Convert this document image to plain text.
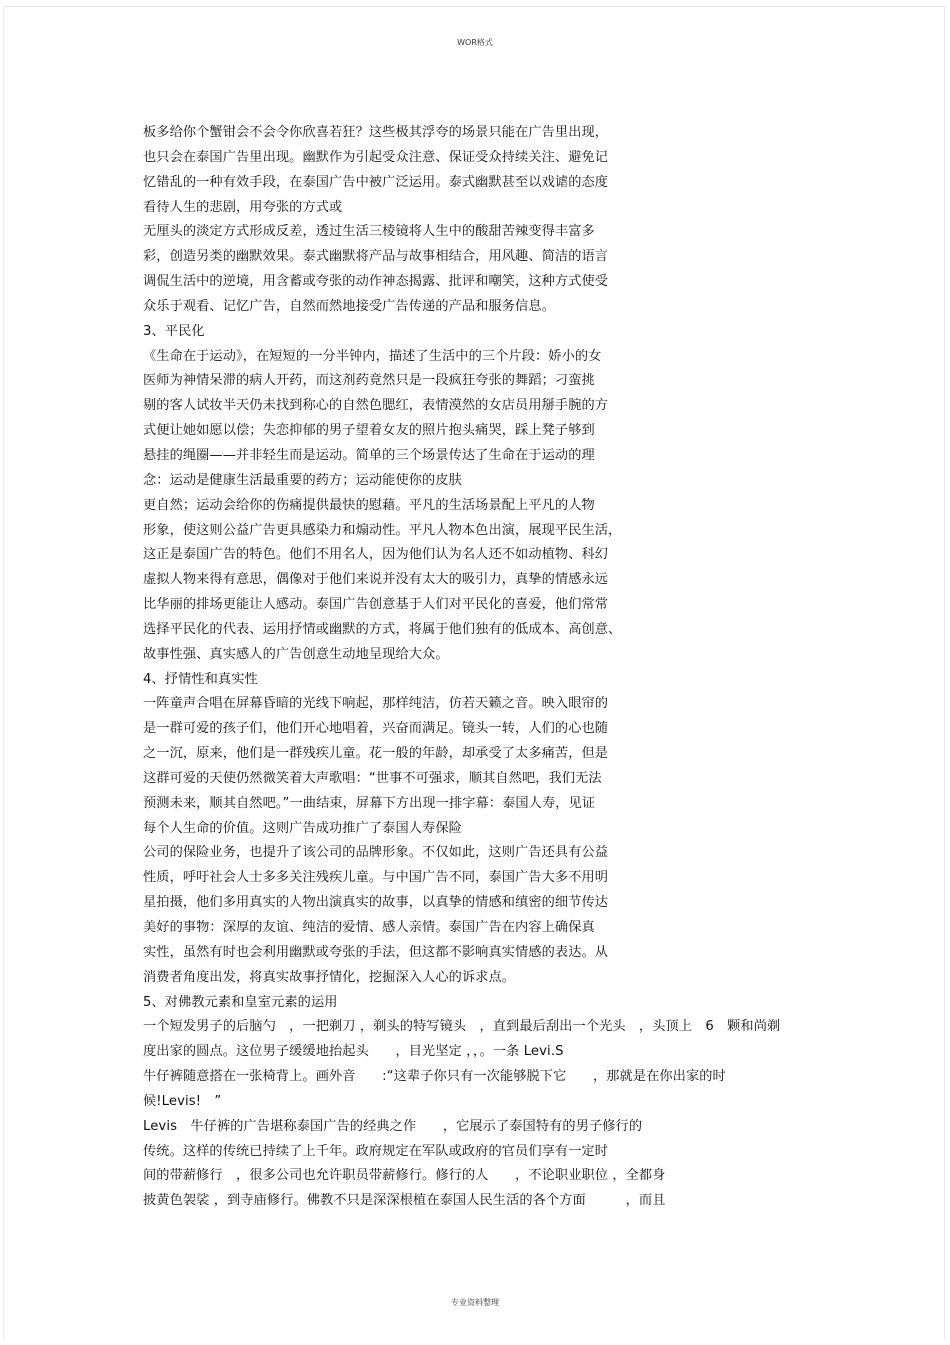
WOR格式
板多给你个蟹钳会不会令你欣喜若狂？这些极其浮夸的场景只能在广告里出现，
也只会在泰国广告里出现。幽默作为引起受众注意、保证受众持续关注、避免记
忆错乱的一种有效手段，在泰国广告中被广泛运用。泰式幽默甚至以戏谑的态度
看待人生的悲剧，用夸张的方式或
无厘头的淡定方式形成反差，透过生活三棱镜将人生中的酸甜苦辣变得丰富多
彩，创造另类的幽默效果。泰式幽默将产品与故事相结合，用风趣、简洁的语言
调侃生活中的逆境，用含蓄或夸张的动作神态揭露、批评和嘲笑，这种方式使受
众乐于观看、记忆广告，自然而然地接受广告传递的产品和服务信息。
3、平民化
《生命在于运动》，在短短的一分半钟内，描述了生活中的三个片段：娇小的女
医师为神情呆滞的病人开药，而这剂药竟然只是一段疯狂夸张的舞蹈；刁蛮挑
剔的客人试妆半天仍未找到称心的自然色腮红，表情漠然的女店员用掰手腕的方
式便让她如愿以偿；失恋抑郁的男子望着女友的照片抱头痛哭，踩上凳子够到
悬挂的绳圈——并非轻生而是运动。简单的三个场景传达了生命在于运动的理
念：运动是健康生活最重要的药方；运动能使你的皮肤
更自然；运动会给你的伤痛提供最快的慰藉。平凡的生活场景配上平凡的人物
形象，使这则公益广告更具感染力和煽动性。平凡人物本色出演，展现平民生活，
这正是泰国广告的特色。他们不用名人，因为他们认为名人还不如动植物、科幻
虚拟人物来得有意思，偶像对于他们来说并没有太大的吸引力，真挚的情感永远
比华丽的排场更能让人感动。泰国广告创意基于人们对平民化的喜爱，他们常常
选择平民化的代表、运用抒情或幽默的方式，将属于他们独有的低成本、高创意、
故事性强、真实感人的广告创意生动地呈现给大众。
4、抒情性和真实性
一阵童声合唱在屏幕昏暗的光线下响起，那样纯洁，仿若天籁之音。映入眼帘的
是一群可爱的孩子们，他们开心地唱着，兴奋而满足。镜头一转，人们的心也随
之一沉，原来，他们是一群残疾儿童。花一般的年龄，却承受了太多痛苦，但是
这群可爱的天使仍然微笑着大声歌唱：“世事不可强求，顺其自然吧，我们无法
预测未来，顺其自然吧。”一曲结束，屏幕下方出现一排字幕：泰国人寿，见证
每个人生命的价值。这则广告成功推广了泰国人寿保险
公司的保险业务，也提升了该公司的品牌形象。不仅如此，这则广告还具有公益
性质，呼吁社会人士多多关注残疾儿童。与中国广告不同，泰国广告大多不用明
星拍摄，他们多用真实的人物出演真实的故事，以真挚的情感和缜密的细节传达
美好的事物：深厚的友谊、纯洁的爱情、感人亲情。泰国广告在内容上确保真
实性，虽然有时也会利用幽默或夸张的手法，但这都不影响真实情感的表达。从
消费者角度出发，将真实故事抒情化，挖掘深入人心的诉求点。
5、对佛教元素和皇室元素的运用
一个短发男子的后脑勺　，一把剃刀 ，剃头的特写镜头　，直到最后刮出一个光头　，头顶上　6　颗和尚剃
度出家的圆点。这位男子缓缓地抬起头　　，目光坚定 ，，。一条 Levi.S
牛仔裤随意搭在一张椅背上。画外音　　:“这辈子你只有一次能够脱下它　　，那就是在你出家的时
候!Levis!　”
Levis　牛仔裤的广告堪称泰国广告的经典之作　　，它展示了泰国特有的男子修行的
传统。这样的传统已持续了上千年。政府规定在军队或政府的官员们享有一定时
间的带薪修行　，很多公司也允许职员带薪修行。修行的人　　，不论职业职位 ，全都身
披黄色袈裟 ，到寺庙修行。佛教不只是深深根植在泰国人民生活的各个方面　　　，而且
专业资料整理
